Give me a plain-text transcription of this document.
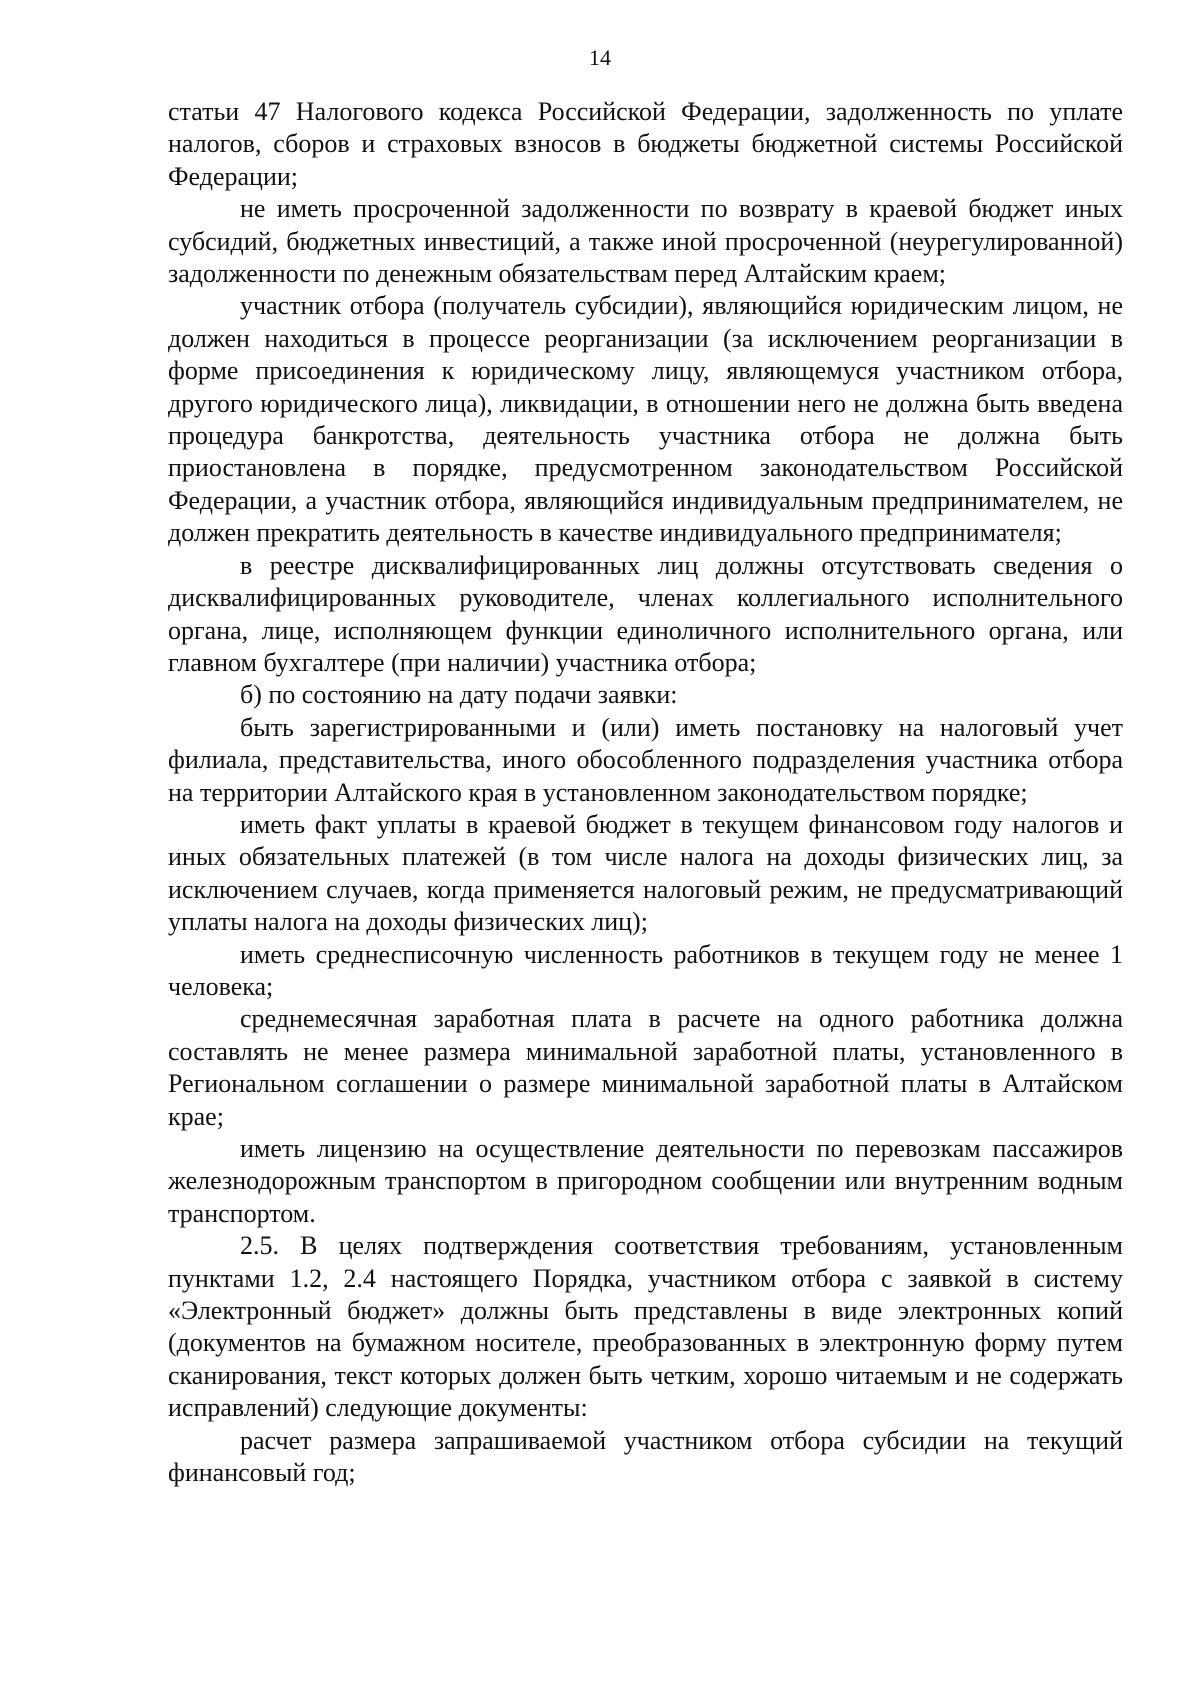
14

статьи 47 Налогового кодекса Российской Федерации, задолженность по уплате налогов, сборов и страховых взносов в бюджеты бюджетной системы Российской Федерации;

не иметь просроченной задолженности по возврату в краевой бюджет иных субсидий, бюджетных инвестиций, а также иной просроченной (неурегулированной) задолженности по денежным обязательствам перед Алтайским краем;

участник отбора (получатель субсидии), являющийся юридическим лицом, не должен находиться в процессе реорганизации (за исключением реорганизации в форме присоединения к юридическому лицу, являющемуся участником отбора, другого юридического лица), ликвидации, в отношении него не должна быть введена процедура банкротства, деятельность участника отбора не должна быть приостановлена в порядке, предусмотренном законодательством Российской Федерации, а участник отбора, являющийся индивидуальным предпринимателем, не должен прекратить деятельность в качестве индивидуального предпринимателя;

в реестре дисквалифицированных лиц должны отсутствовать сведения о дисквалифицированных руководителе, членах коллегиального исполнительного органа, лице, исполняющем функции единоличного исполнительного органа, или главном бухгалтере (при наличии) участника отбора;

б) по состоянию на дату подачи заявки:

быть зарегистрированными и (или) иметь постановку на налоговый учет филиала, представительства, иного обособленного подразделения участника отбора на территории Алтайского края в установленном законодательством порядке;

иметь факт уплаты в краевой бюджет в текущем финансовом году налогов и иных обязательных платежей (в том числе налога на доходы физических лиц, за исключением случаев, когда применяется налоговый режим, не предусматривающий уплаты налога на доходы физических лиц);

иметь среднесписочную численность работников в текущем году не менее 1 человека;

среднемесячная заработная плата в расчете на одного работника должна составлять не менее размера минимальной заработной платы, установленного в Региональном соглашении о размере минимальной заработной платы в Алтайском крае;

иметь лицензию на осуществление деятельности по перевозкам пассажиров железнодорожным транспортом в пригородном сообщении или внутренним водным транспортом.

2.5. В целях подтверждения соответствия требованиям, установленным пунктами 1.2, 2.4 настоящего Порядка, участником отбора с заявкой в систему «Электронный бюджет» должны быть представлены в виде электронных копий (документов на бумажном носителе, преобразованных в электронную форму путем сканирования, текст которых должен быть четким, хорошо читаемым и не содержать исправлений) следующие документы:

расчет размера запрашиваемой участником отбора субсидии на текущий финансовый год;
